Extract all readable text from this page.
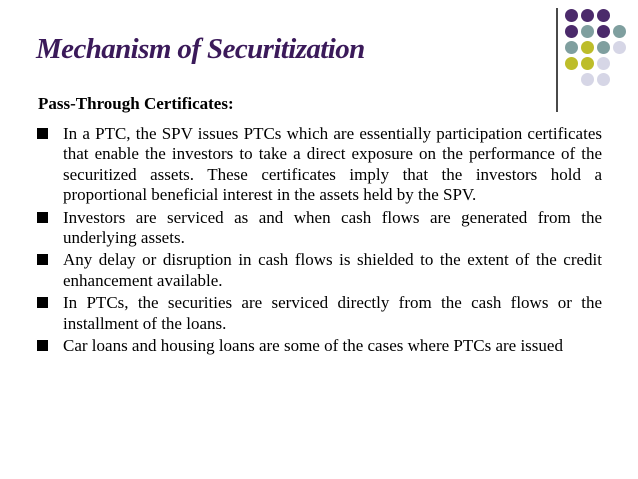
Mechanism of Securitization

Pass-Through Certificates:

In a PTC, the SPV issues PTCs which are essentially participation certificates that enable the investors to take a direct exposure on the performance of the securitized assets. These certificates imply that the investors hold a proportional beneficial interest in the assets held by the SPV.
Investors are serviced as and when cash flows are generated from the underlying assets.
Any delay or disruption in cash flows is shielded to the extent of the credit enhancement available.
In PTCs, the securities are serviced directly from the cash flows or the installment of the loans.
Car loans and housing loans are some of the cases where PTCs are issued
